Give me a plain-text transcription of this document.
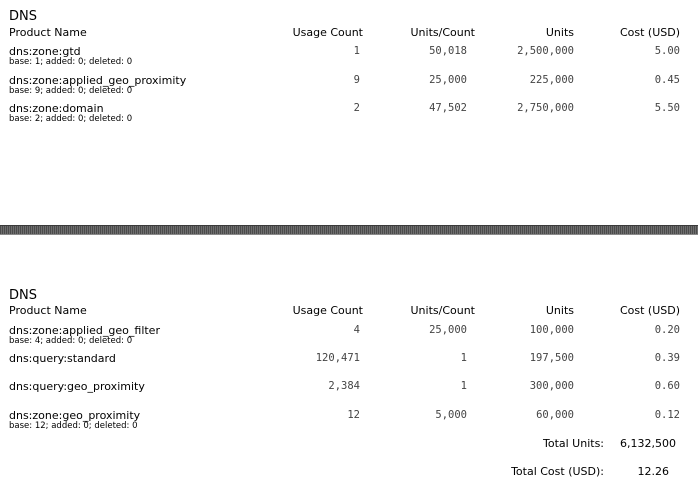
DNS
Product Name	Usage Count	Units/Count	Units	Cost (USD)
dns:zone:gtd
base: 1; added: 0; deleted: 0
1	50,018	2,500,000	5.00
dns:zone:applied_geo_proximity
base: 9; added: 0; deleted: 0
9	25,000	225,000	0.45
dns:zone:domain
base: 2; added: 0; deleted: 0
2	47,502	2,750,000	5.50
DNS
Product Name	Usage Count	Units/Count	Units	Cost (USD)
dns:zone:applied_geo_filter
base: 4; added: 0; deleted: 0
4	25,000	100,000	0.20
dns:query:standard	120,471	1	197,500	0.39
dns:query:geo_proximity	2,384	1	300,000	0.60
dns:zone:geo_proximity
base: 12; added: 0; deleted: 0
12	5,000	60,000	0.12
Total Units: 6,132,500
Total Cost (USD):	12.26
